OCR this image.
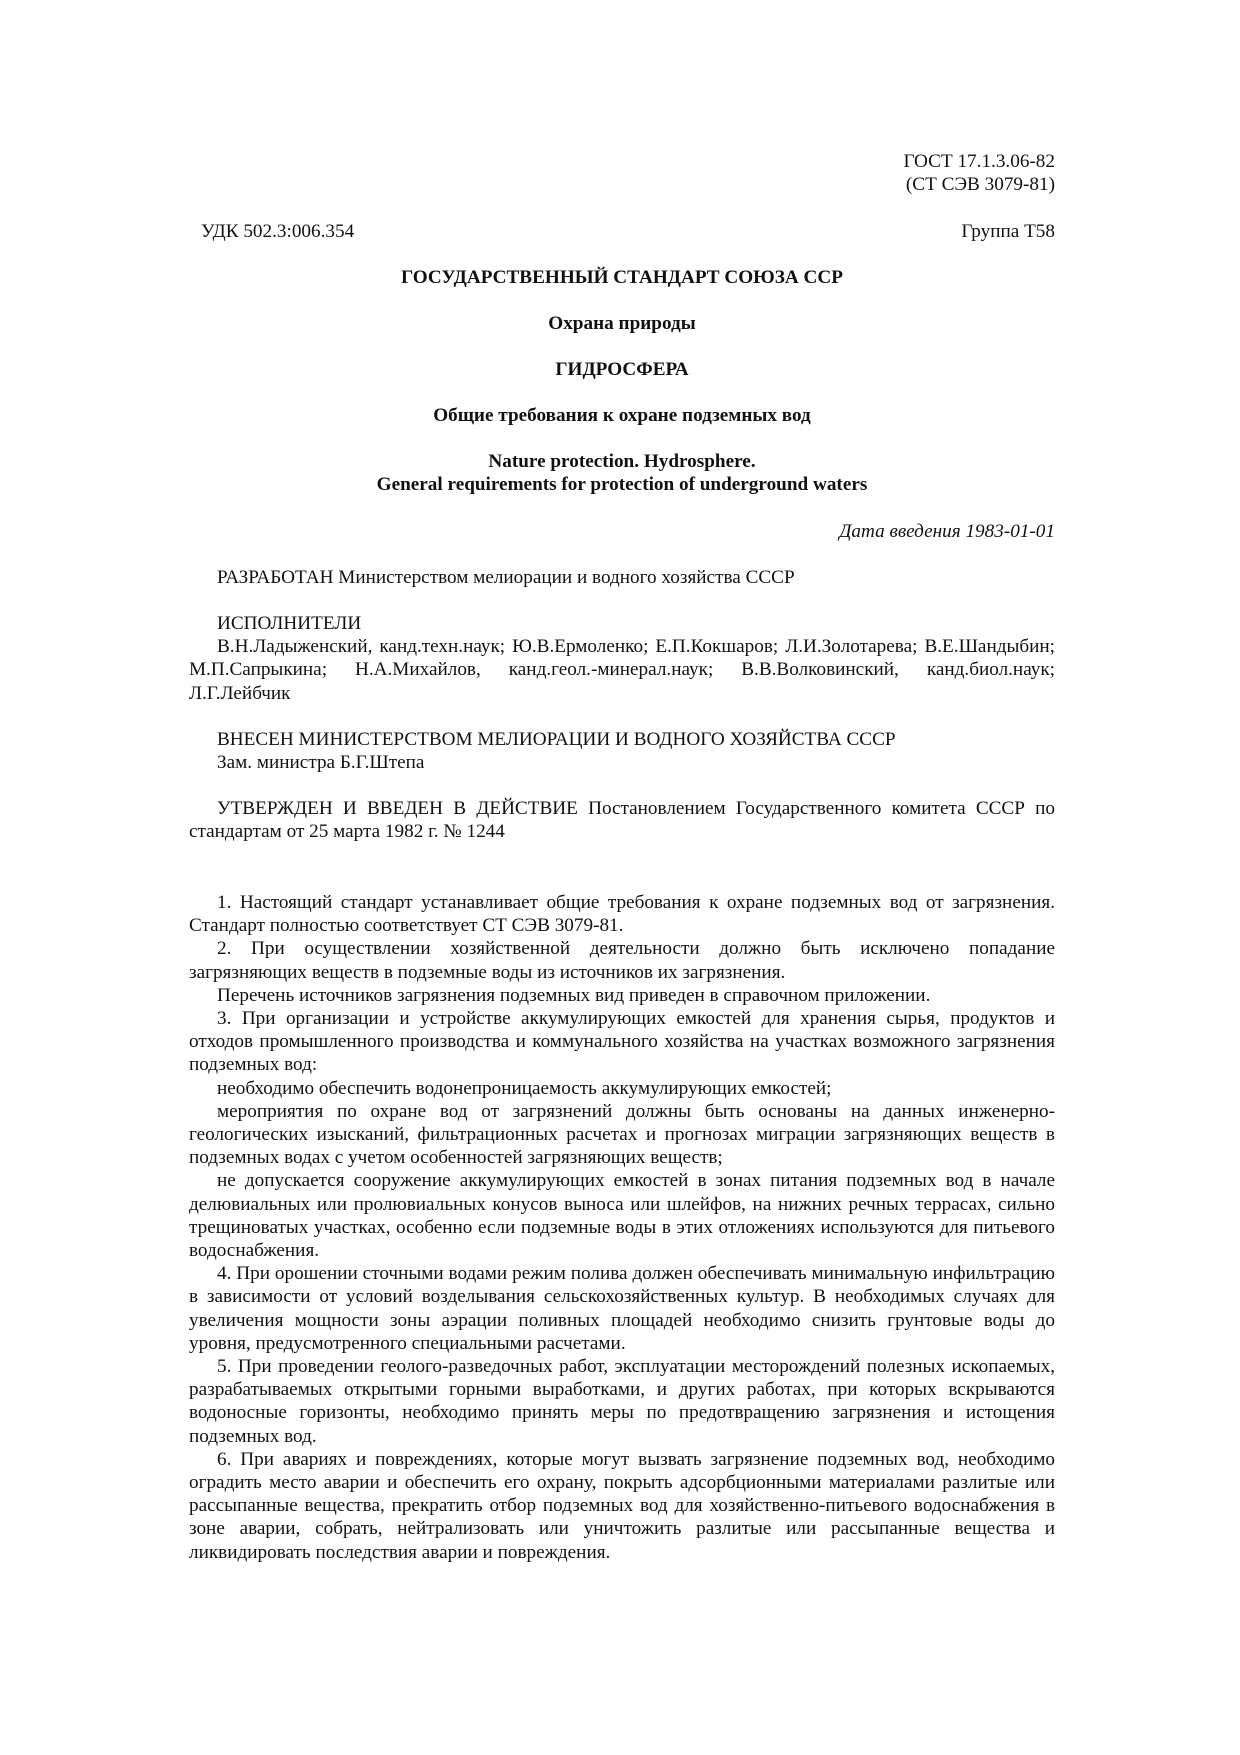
ГОСТ 17.1.3.06-82
(СТ СЭВ 3079-81)
УДК 502.3:006.354	Группа Т58
ГОСУДАРСТВЕННЫЙ СТАНДАРТ СОЮЗА ССР
Охрана природы
ГИДРОСФЕРА
Общие требования к охране подземных вод
Nature protection. Hydrosphere.
General requirements for protection of underground waters
Дата введения 1983-01-01

РАЗРАБОТАН Министерством мелиорации и водного хозяйства СССР

ИСПОЛНИТЕЛИ

В.Н.Ладыженский, канд.техн.наук; Ю.В.Ермоленко; Е.П.Кокшаров; Л.И.Золотарева; В.Е.Шандыбин; М.П.Сапрыкина; Н.А.Михайлов, канд.геол.-минерал.наук; В.В.Волковинский, канд.биол.наук; Л.Г.Лейбчик

ВНЕСЕН МИНИСТЕРСТВОМ МЕЛИОРАЦИИ И ВОДНОГО ХОЗЯЙСТВА СССР

Зам. министра Б.Г.Штепа

УТВЕРЖДЕН И ВВЕДЕН В ДЕЙСТВИЕ Постановлением Государственного комитета СССР по стандартам от 25 марта 1982 г. № 1244

1. Настоящий стандарт устанавливает общие требования к охране подземных вод от загрязнения. Стандарт полностью соответствует СТ СЭВ 3079-81.

2. При осуществлении хозяйственной деятельности должно быть исключено попадание загрязняющих веществ в подземные воды из источников их загрязнения.

Перечень источников загрязнения подземных вид приведен в справочном приложении.

3. При организации и устройстве аккумулирующих емкостей для хранения сырья, продуктов и отходов промышленного производства и коммунального хозяйства на участках возможного загрязнения подземных вод:

необходимо обеспечить водонепроницаемость аккумулирующих емкостей;

мероприятия по охране вод от загрязнений должны быть основаны на данных инженерно-геологических изысканий, фильтрационных расчетах и прогнозах миграции загрязняющих веществ в подземных водах с учетом особенностей загрязняющих веществ;

не допускается сооружение аккумулирующих емкостей в зонах питания подземных вод в начале делювиальных или пролювиальных конусов выноса или шлейфов, на нижних речных террасах, сильно трещиноватых участках, особенно если подземные воды в этих отложениях используются для питьевого водоснабжения.

4. При орошении сточными водами режим полива должен обеспечивать минимальную инфильтрацию в зависимости от условий возделывания сельскохозяйственных культур. В необходимых случаях для увеличения мощности зоны аэрации поливных площадей необходимо снизить грунтовые воды до уровня, предусмотренного специальными расчетами.

5. При проведении геолого-разведочных работ, эксплуатации месторождений полезных ископаемых, разрабатываемых открытыми горными выработками, и других работах, при которых вскрываются водоносные горизонты, необходимо принять меры по предотвращению загрязнения и истощения подземных вод.

6. При авариях и повреждениях, которые могут вызвать загрязнение подземных вод, необходимо оградить место аварии и обеспечить его охрану, покрыть адсорбционными материалами разлитые или рассыпанные вещества, прекратить отбор подземных вод для хозяйственно-питьевого водоснабжения в зоне аварии, собрать, нейтрализовать или уничтожить разлитые или рассыпанные вещества и ликвидировать последствия аварии и повреждения.
